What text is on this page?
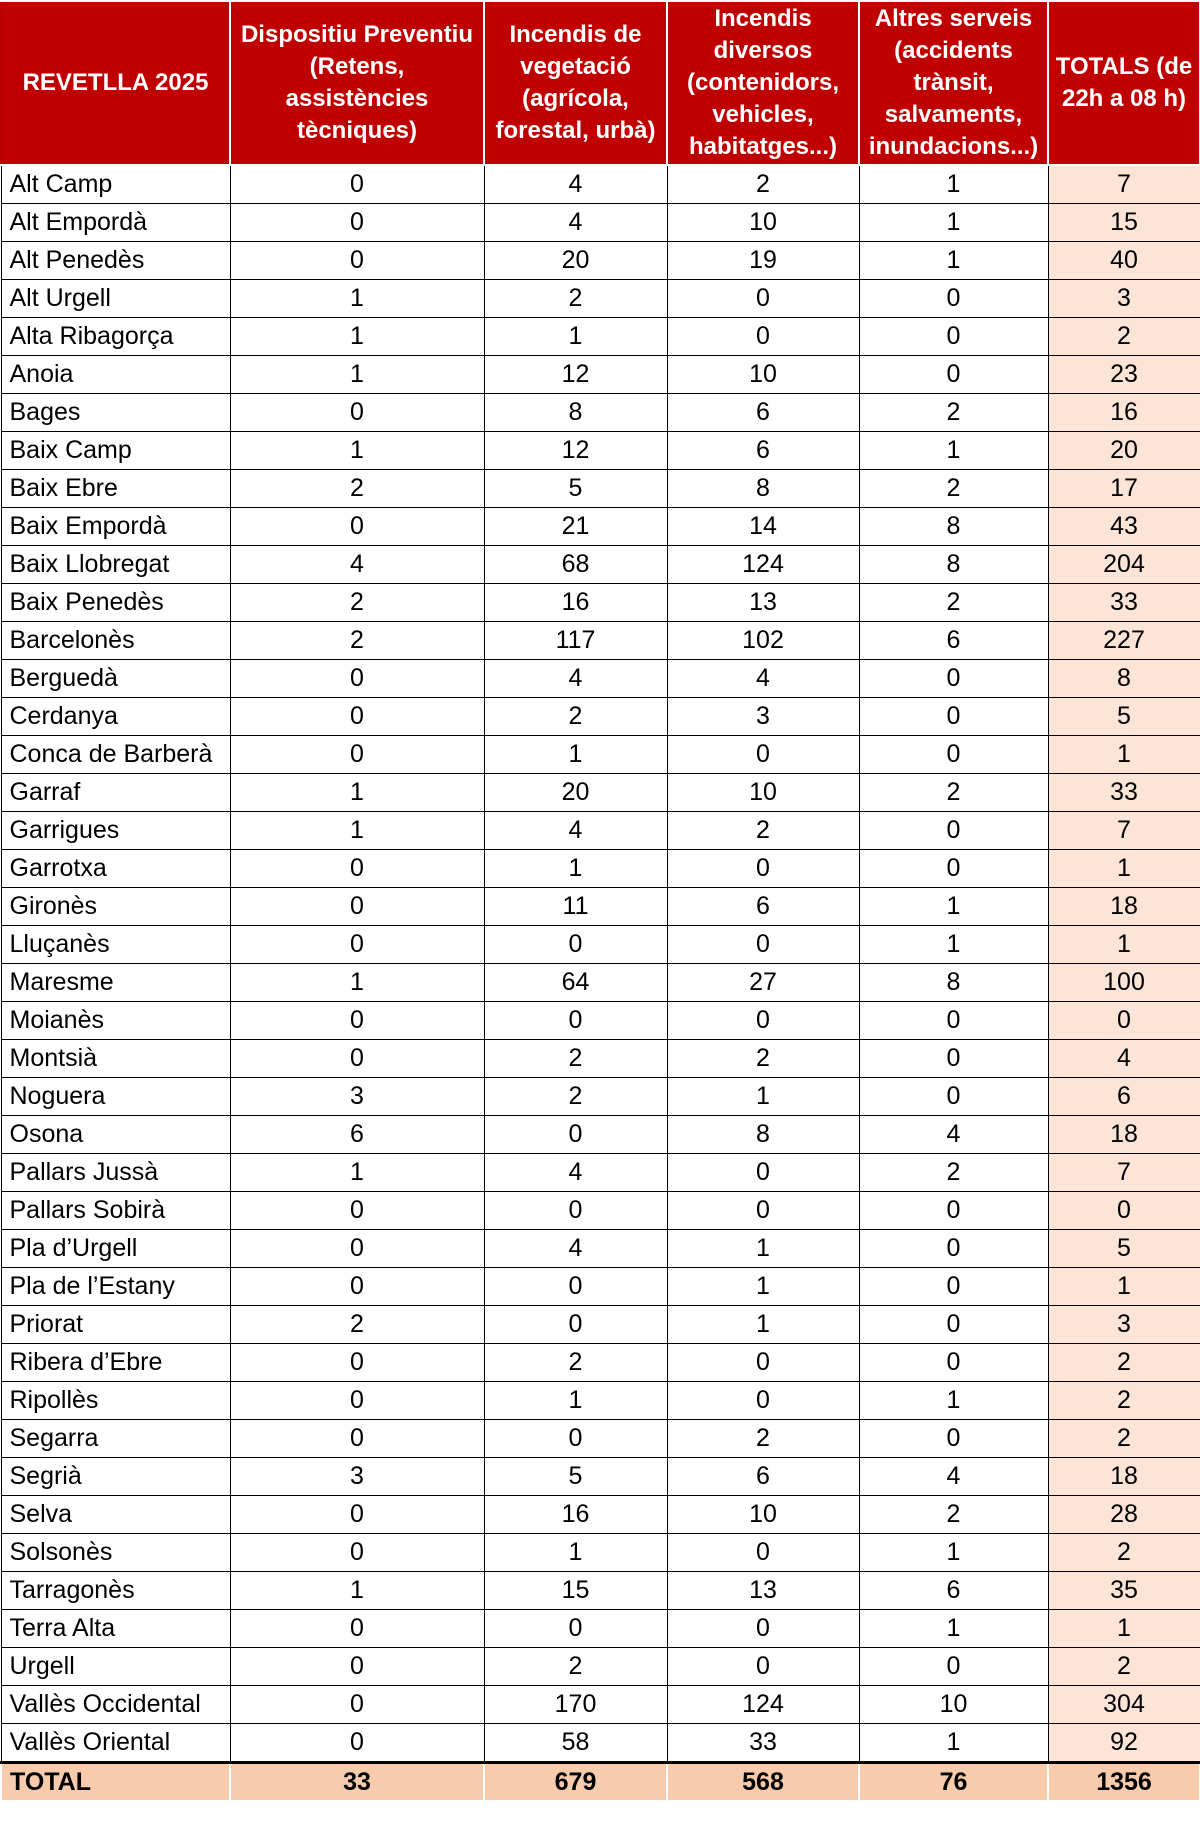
REVETLLA 2025	Dispositiu Preventiu (Retens, assistències tècniques)	Incendis de vegetació (agrícola, forestal, urbà)	Incendis diversos (contenidors, vehicles, habitatges...)	Altres serveis (accidents trànsit, salvaments, inundacions...)	TOTALS (de 22h a 08 h)
Alt Camp	0	4	2	1	7
Alt Empordà	0	4	10	1	15
Alt Penedès	0	20	19	1	40
Alt Urgell	1	2	0	0	3
Alta Ribagorça	1	1	0	0	2
Anoia	1	12	10	0	23
Bages	0	8	6	2	16
Baix Camp	1	12	6	1	20
Baix Ebre	2	5	8	2	17
Baix Empordà	0	21	14	8	43
Baix Llobregat	4	68	124	8	204
Baix Penedès	2	16	13	2	33
Barcelonès	2	117	102	6	227
Berguedà	0	4	4	0	8
Cerdanya	0	2	3	0	5
Conca de Barberà	0	1	0	0	1
Garraf	1	20	10	2	33
Garrigues	1	4	2	0	7
Garrotxa	0	1	0	0	1
Gironès	0	11	6	1	18
Lluçanès	0	0	0	1	1
Maresme	1	64	27	8	100
Moianès	0	0	0	0	0
Montsià	0	2	2	0	4
Noguera	3	2	1	0	6
Osona	6	0	8	4	18
Pallars Jussà	1	4	0	2	7
Pallars Sobirà	0	0	0	0	0
Pla d’Urgell	0	4	1	0	5
Pla de l’Estany	0	0	1	0	1
Priorat	2	0	1	0	3
Ribera d’Ebre	0	2	0	0	2
Ripollès	0	1	0	1	2
Segarra	0	0	2	0	2
Segrià	3	5	6	4	18
Selva	0	16	10	2	28
Solsonès	0	1	0	1	2
Tarragonès	1	15	13	6	35
Terra Alta	0	0	0	1	1
Urgell	0	2	0	0	2
Vallès Occidental	0	170	124	10	304
Vallès Oriental	0	58	33	1	92
TOTAL	33	679	568	76	1356
